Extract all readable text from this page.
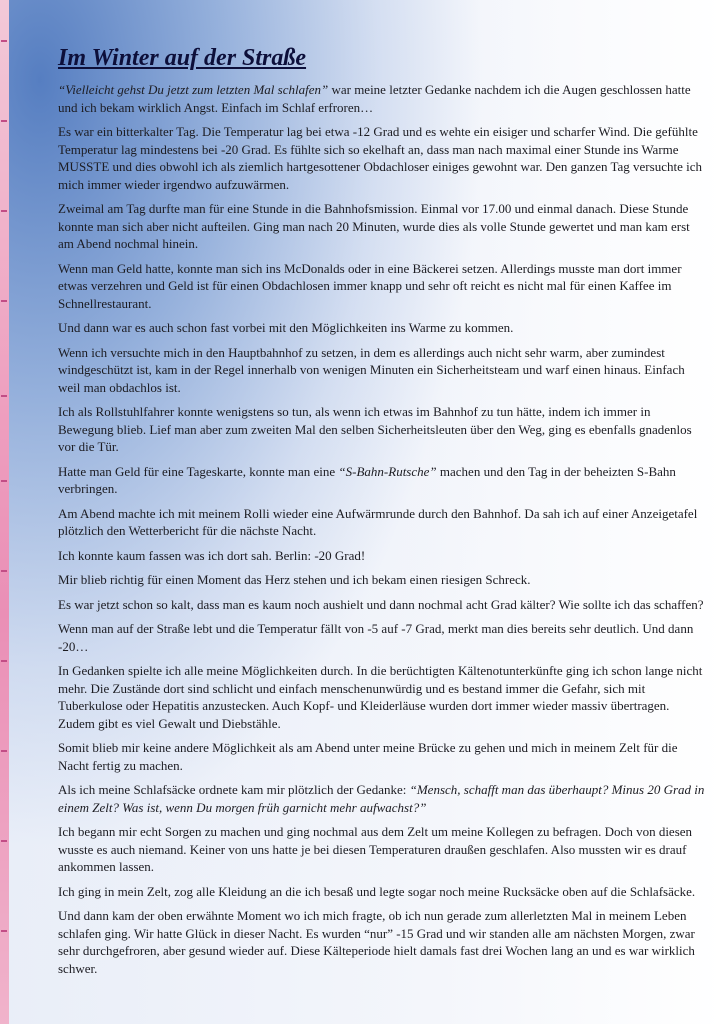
Im Winter auf der Straße

“Vielleicht gehst Du jetzt zum letzten Mal schlafen” war meine letzter Gedanke nachdem ich die Augen geschlossen hatte und ich bekam wirklich Angst. Einfach im Schlaf erfroren…

Es war ein bitterkalter Tag. Die Temperatur lag bei etwa -12 Grad und es wehte ein eisiger und scharfer Wind. Die gefühlte Temperatur lag mindestens bei -20 Grad. Es fühlte sich so ekelhaft an, dass man nach maximal einer Stunde ins Warme MUSSTE und dies obwohl ich als ziemlich hartgesottener Obdachloser einiges gewohnt war. Den ganzen Tag versuchte ich mich immer wieder irgendwo aufzuwärmen.

Zweimal am Tag durfte man für eine Stunde in die Bahnhofsmission. Einmal vor 17.00 und einmal danach. Diese Stunde konnte man sich aber nicht aufteilen. Ging man nach 20 Minuten, wurde dies als volle Stunde gewertet und man kam erst am Abend nochmal hinein.

Wenn man Geld hatte, konnte man sich ins McDonalds oder in eine Bäckerei setzen. Allerdings musste man dort immer etwas verzehren und Geld ist für einen Obdachlosen immer knapp und sehr oft reicht es nicht mal für einen Kaffee im Schnellrestaurant.

Und dann war es auch schon fast vorbei mit den Möglichkeiten ins Warme zu kommen.

Wenn ich versuchte mich in den Hauptbahnhof zu setzen, in dem es allerdings auch nicht sehr warm, aber zumindest windgeschützt ist, kam in der Regel innerhalb von wenigen Minuten ein Sicherheitsteam und warf einen hinaus. Einfach weil man obdachlos ist.

Ich als Rollstuhlfahrer konnte wenigstens so tun, als wenn ich etwas im Bahnhof zu tun hätte, indem ich immer in Bewegung blieb. Lief man aber zum zweiten Mal den selben Sicherheitsleuten über den Weg, ging es ebenfalls gnadenlos vor die Tür.

Hatte man Geld für eine Tageskarte, konnte man eine “S-Bahn-Rutsche” machen und den Tag in der beheizten S-Bahn verbringen.

Am Abend machte ich mit meinem Rolli wieder eine Aufwärmrunde durch den Bahnhof. Da sah ich auf einer Anzeigetafel plötzlich den Wetterbericht für die nächste Nacht.

Ich konnte kaum fassen was ich dort sah. Berlin: -20 Grad!

Mir blieb richtig für einen Moment das Herz stehen und ich bekam einen riesigen Schreck.

Es war jetzt schon so kalt, dass man es kaum noch aushielt und dann nochmal acht Grad kälter? Wie sollte ich das schaffen?

Wenn man auf der Straße lebt und die Temperatur fällt von -5 auf -7 Grad, merkt man dies bereits sehr deutlich. Und dann -20…

In Gedanken spielte ich alle meine Möglichkeiten durch. In die berüchtigten Kältenotunterkünfte ging ich schon lange nicht mehr. Die Zustände dort sind schlicht und einfach menschenunwürdig und es bestand immer die Gefahr, sich mit Tuberkulose oder Hepatitis anzustecken. Auch Kopf- und Kleiderläuse wurden dort immer wieder massiv übertragen. Zudem gibt es viel Gewalt und Diebstähle.

Somit blieb mir keine andere Möglichkeit als am Abend unter meine Brücke zu gehen und mich in meinem Zelt für die Nacht fertig zu machen.

Als ich meine Schlafsäcke ordnete kam mir plötzlich der Gedanke: “Mensch, schafft man das überhaupt? Minus 20 Grad in einem Zelt? Was ist, wenn Du morgen früh garnicht mehr aufwachst?”

Ich begann mir echt Sorgen zu machen und ging nochmal aus dem Zelt um meine Kollegen zu befragen. Doch von diesen wusste es auch niemand. Keiner von uns hatte je bei diesen Temperaturen draußen geschlafen. Also mussten wir es drauf ankommen lassen.

Ich ging in mein Zelt, zog alle Kleidung an die ich besaß und legte sogar noch meine Rucksäcke oben auf die Schlafsäcke.

Und dann kam der oben erwähnte Moment wo ich mich fragte, ob ich nun gerade zum allerletzten Mal in meinem Leben schlafen ging. Wir hatte Glück in dieser Nacht. Es wurden “nur” -15 Grad und wir standen alle am nächsten Morgen, zwar sehr durchgefroren, aber gesund wieder auf. Diese Kälteperiode hielt damals fast drei Wochen lang an und es war wirklich schwer.
